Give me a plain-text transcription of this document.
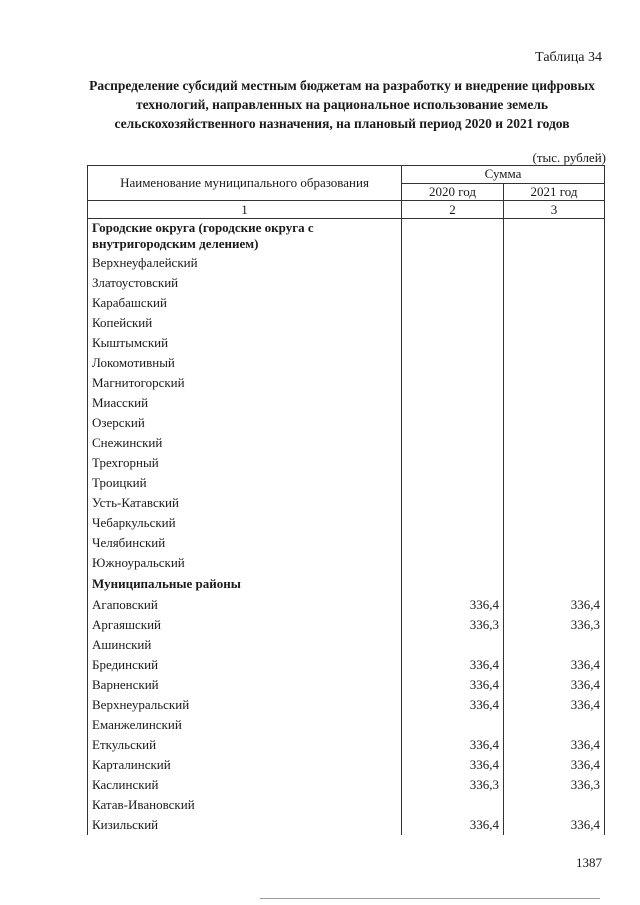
Таблица 34
Распределение субсидий местным бюджетам на разработку и внедрение цифровых технологий, направленных на рациональное использование земель сельскохозяйственного назначения, на плановый период 2020 и 2021 годов
(тыс. рублей)
Наименование муниципального образования	Сумма	
	2020 год	2021 год
1	2	3
Городские округа (городские округа с внутригородским делением)		
Верхнеуфалейский		
Златоустовский		
Карабашский		
Копейский		
Кыштымский		
Локомотивный		
Магнитогорский		
Миасский		
Озерский		
Снежинский		
Трехгорный		
Троицкий		
Усть-Катавский		
Чебаркульский		
Челябинский		
Южноуральский		
Муниципальные районы		
Агаповский	336,4	336,4
Аргаяшский	336,3	336,3
Ашинский		
Брединский	336,4	336,4
Варненский	336,4	336,4
Верхнеуральский	336,4	336,4
Еманжелинский		
Еткульский	336,4	336,4
Карталинский	336,4	336,4
Каслинский	336,3	336,3
Катав-Ивановский		
Кизильский	336,4	336,4
1387
